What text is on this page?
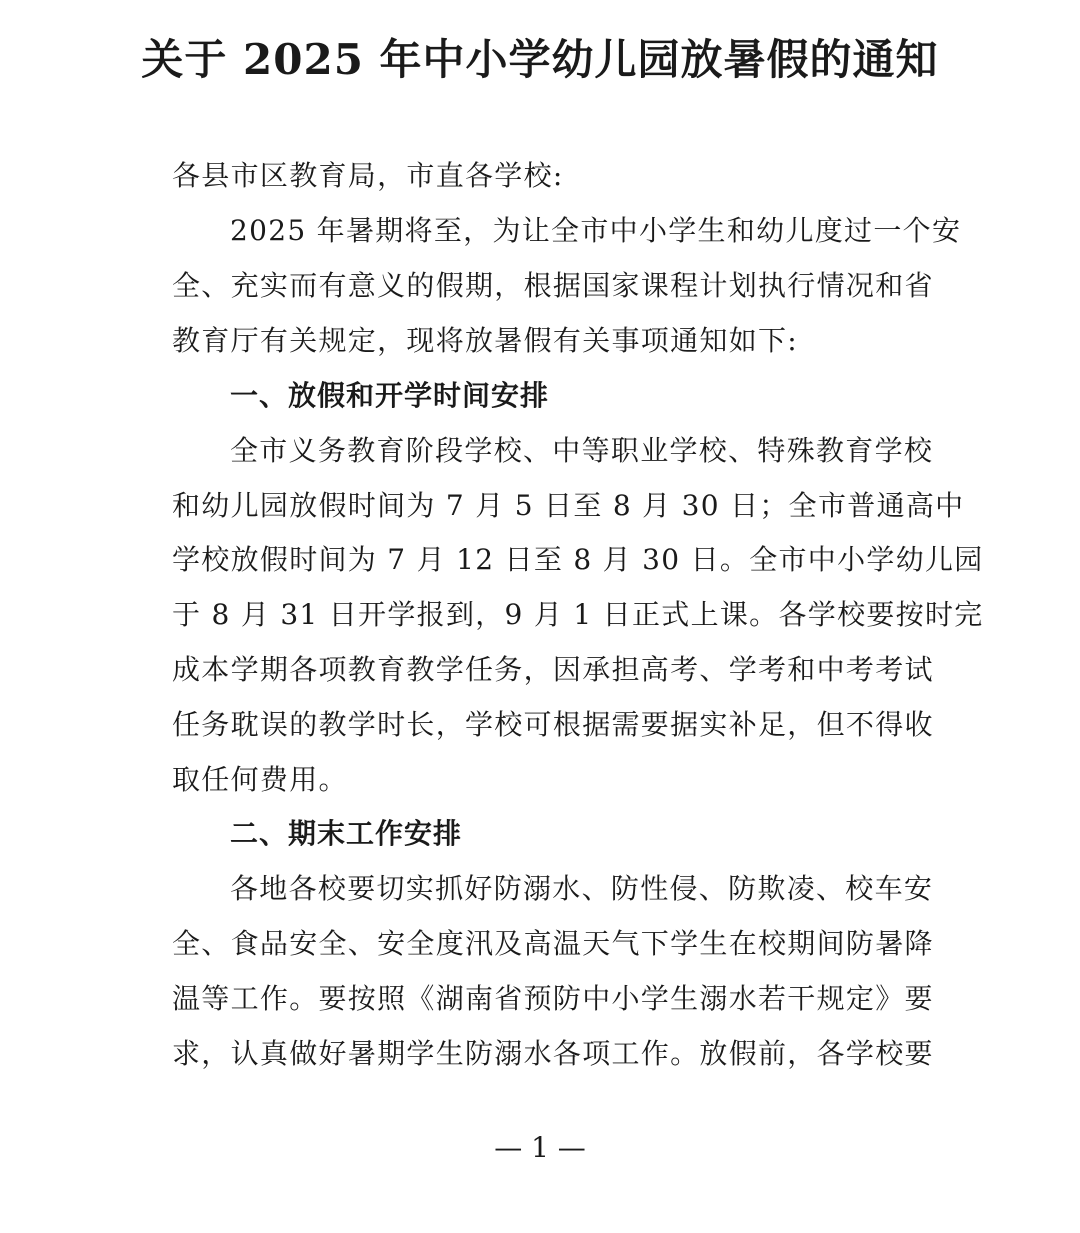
关于 2025 年中小学幼儿园放暑假的通知
各县市区教育局，市直各学校:
2025 年暑期将至，为让全市中小学生和幼儿度过一个安
全、充实而有意义的假期，根据国家课程计划执行情况和省
教育厅有关规定，现将放暑假有关事项通知如下:
一、放假和开学时间安排
全市义务教育阶段学校、中等职业学校、特殊教育学校
和幼儿园放假时间为 7 月 5 日至 8 月 30 日；全市普通高中
学校放假时间为 7 月 12 日至 8 月 30 日。全市中小学幼儿园
于 8 月 31 日开学报到，9 月 1 日正式上课。各学校要按时完
成本学期各项教育教学任务，因承担高考、学考和中考考试
任务耽误的教学时长，学校可根据需要据实补足，但不得收
取任何费用。
二、期末工作安排
各地各校要切实抓好防溺水、防性侵、防欺凌、校车安
全、食品安全、安全度汛及高温天气下学生在校期间防暑降
温等工作。要按照《湖南省预防中小学生溺水若干规定》要
求，认真做好暑期学生防溺水各项工作。放假前，各学校要
— 1 —
